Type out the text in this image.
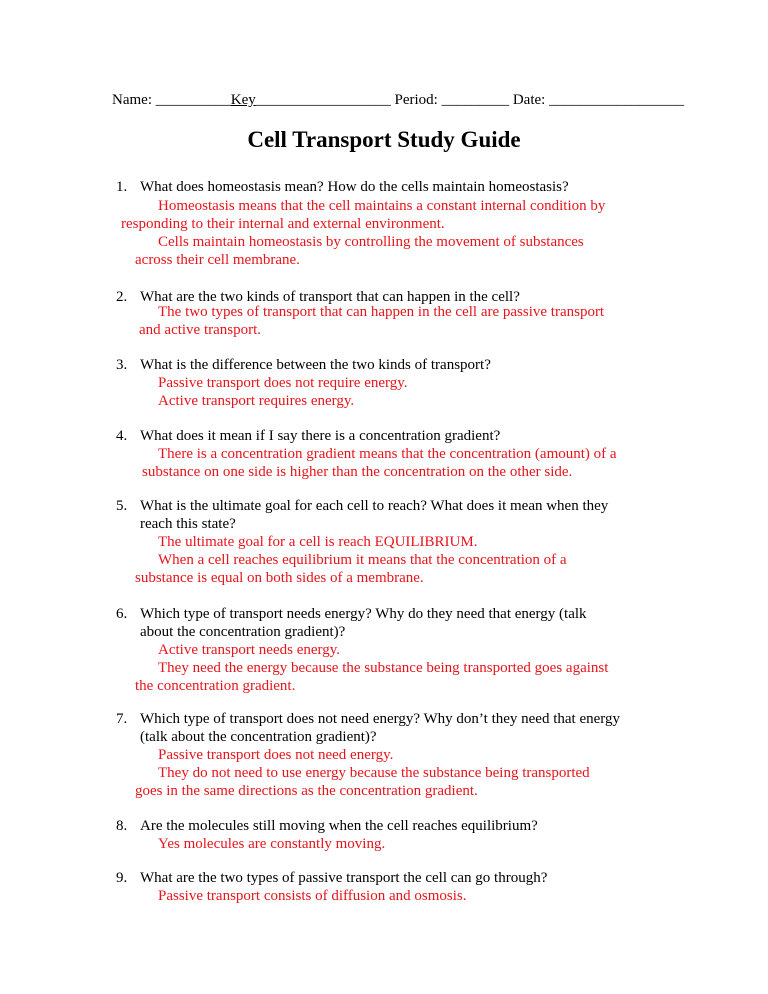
Name: __________Key__________________ Period: _________ Date: __________________
Cell Transport Study Guide
1. What does homeostasis mean? How do the cells maintain homeostasis?
Homeostasis means that the cell maintains a constant internal condition by
responding to their internal and external environment.
Cells maintain homeostasis by controlling the movement of substances
across their cell membrane.
2. What are the two kinds of transport that can happen in the cell?
The two types of transport that can happen in the cell are passive transport
and active transport.
3. What is the difference between the two kinds of transport?
Passive transport does not require energy.
Active transport requires energy.
4. What does it mean if I say there is a concentration gradient?
There is a concentration gradient means that the concentration (amount) of a
substance on one side is higher than the concentration on the other side.
5. What is the ultimate goal for each cell to reach? What does it mean when they
reach this state?
The ultimate goal for a cell is reach EQUILIBRIUM.
When a cell reaches equilibrium it means that the concentration of a
substance is equal on both sides of a membrane.
6. Which type of transport needs energy? Why do they need that energy (talk
about the concentration gradient)?
Active transport needs energy.
They need the energy because the substance being transported goes against
the concentration gradient.
7. Which type of transport does not need energy? Why don’t they need that energy
(talk about the concentration gradient)?
Passive transport does not need energy.
They do not need to use energy because the substance being transported
goes in the same directions as the concentration gradient.
8. Are the molecules still moving when the cell reaches equilibrium?
Yes molecules are constantly moving.
9. What are the two types of passive transport the cell can go through?
Passive transport consists of diffusion and osmosis.
